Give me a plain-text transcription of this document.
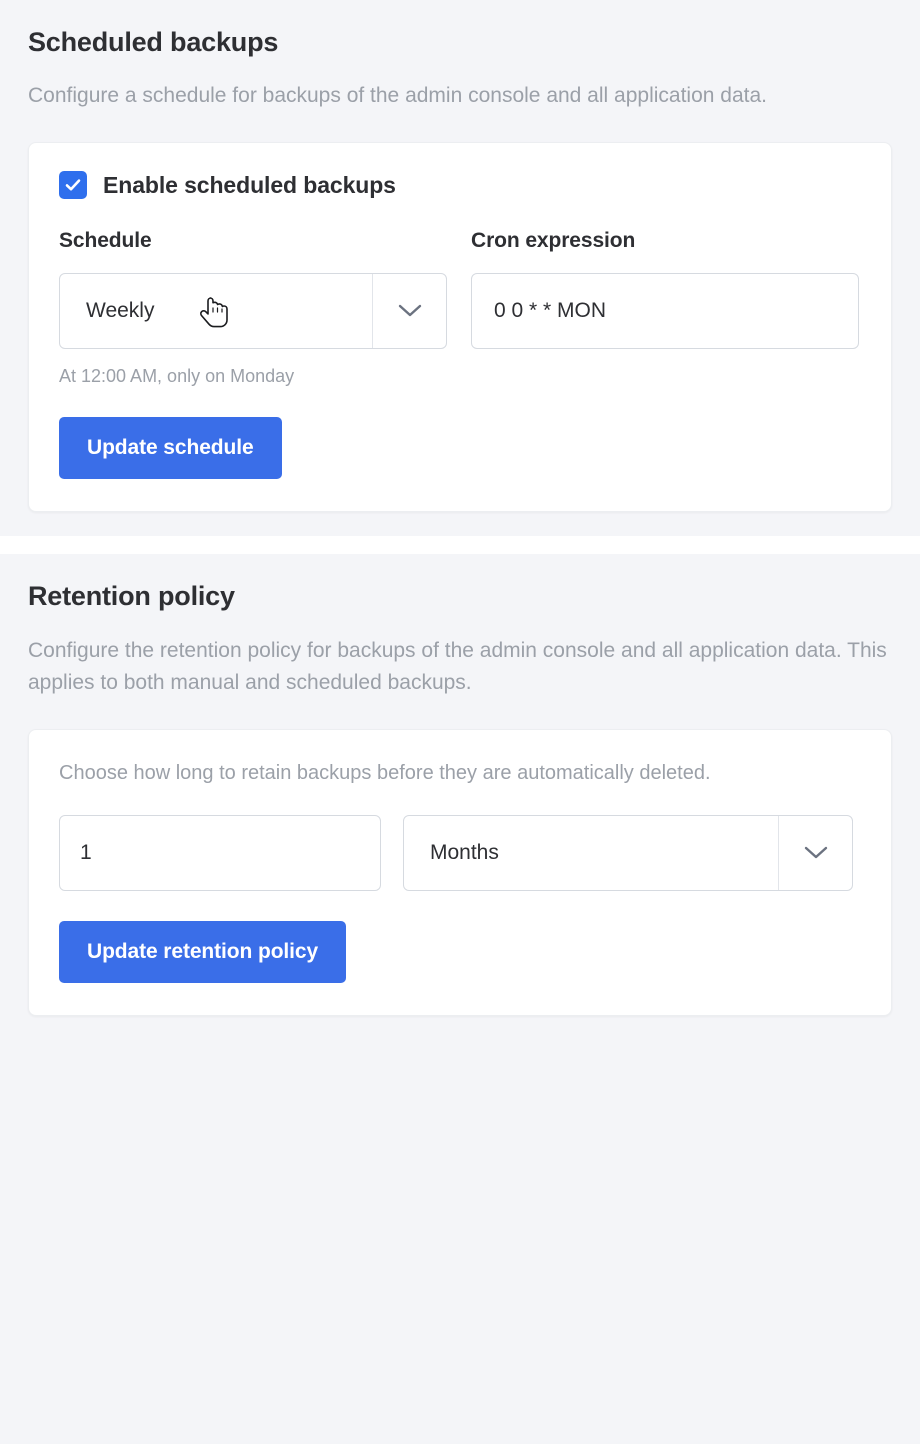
Scheduled backups

Configure a schedule for backups of the admin console and all application data.

Enable scheduled backups
Schedule
Weekly
At 12:00 AM, only on Monday
Cron expression
0 0 * * MON
Update schedule
Retention policy

Configure the retention policy for backups of the admin console and all application data. This applies to both manual and scheduled backups.

Choose how long to retain backups before they are automatically deleted.

1
Months
Update retention policy
